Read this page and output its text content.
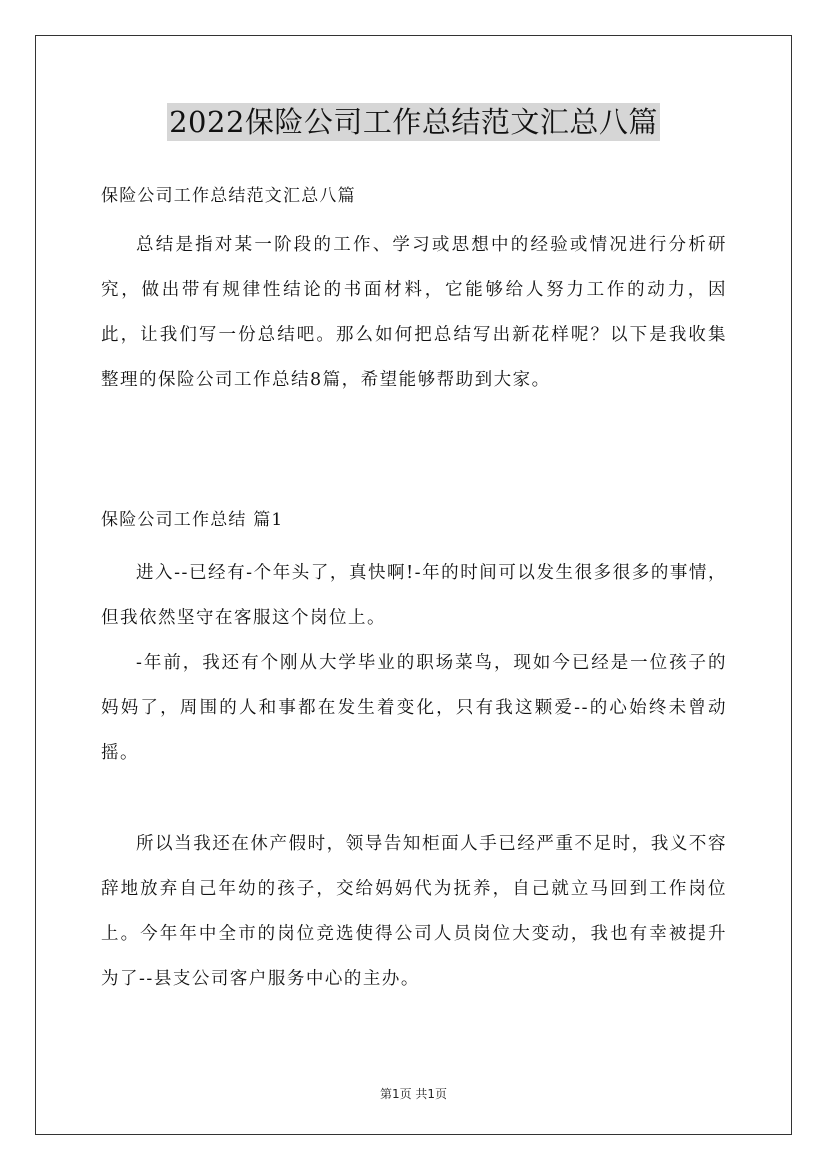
2022保险公司工作总结范文汇总八篇
保险公司工作总结范文汇总八篇

总结是指对某一阶段的工作、学习或思想中的经验或情况进行分析研究，做出带有规律性结论的书面材料，它能够给人努力工作的动力，因此，让我们写一份总结吧。那么如何把总结写出新花样呢？以下是我收集整理的保险公司工作总结8篇，希望能够帮助到大家。

保险公司工作总结 篇1

进入--已经有-个年头了，真快啊!-年的时间可以发生很多很多的事情，但我依然坚守在客服这个岗位上。

-年前，我还有个刚从大学毕业的职场菜鸟，现如今已经是一位孩子的妈妈了，周围的人和事都在发生着变化，只有我这颗爱--的心始终未曾动摇。

所以当我还在休产假时，领导告知柜面人手已经严重不足时，我义不容辞地放弃自己年幼的孩子，交给妈妈代为抚养，自己就立马回到工作岗位上。今年年中全市的岗位竞选使得公司人员岗位大变动，我也有幸被提升为了--县支公司客户服务中心的主办。

第1页 共1页
